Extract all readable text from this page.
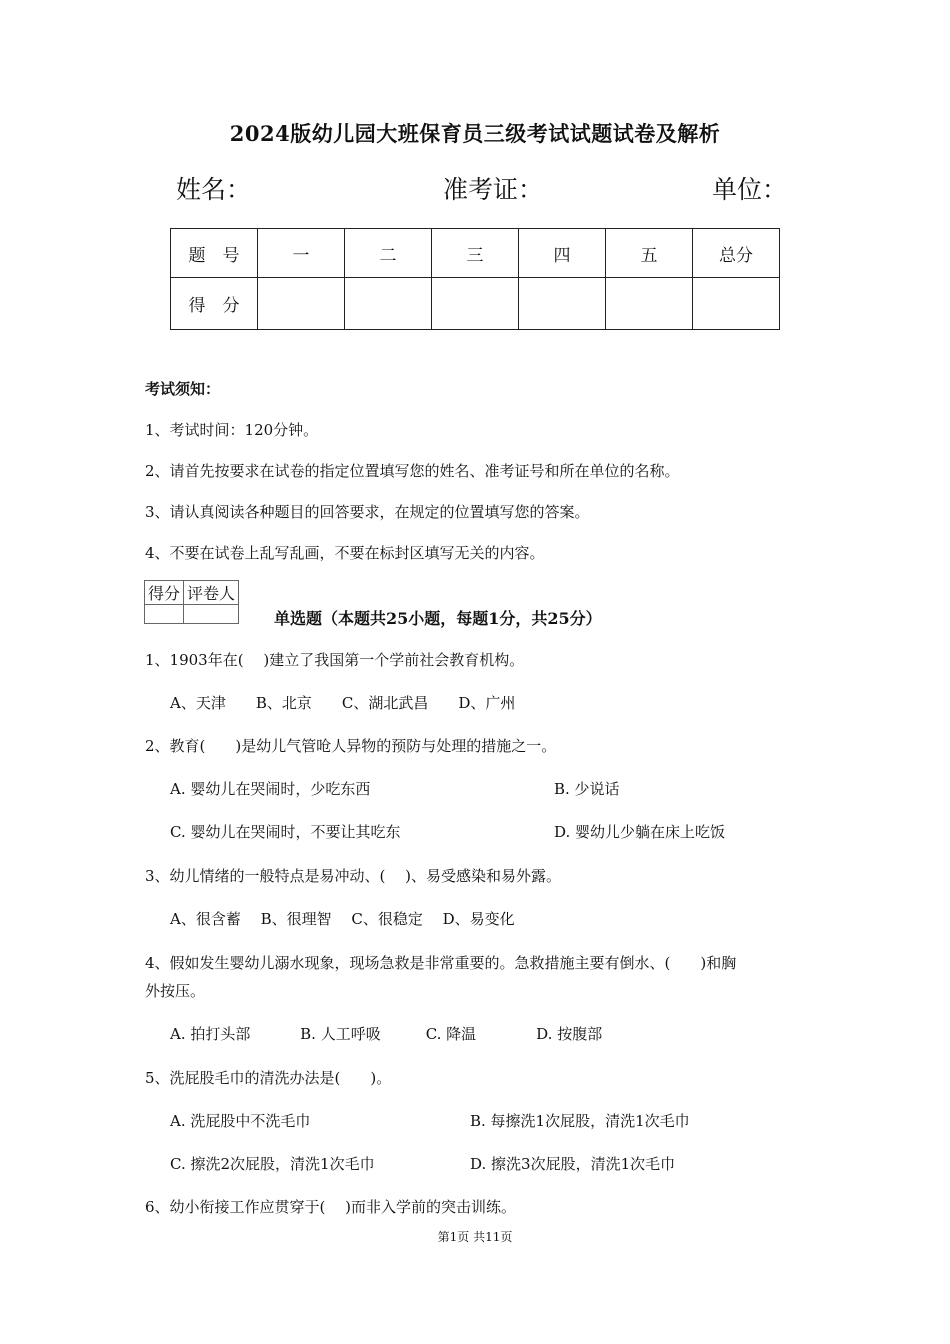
2024版幼儿园大班保育员三级考试试题试卷及解析
姓名：	准考证：	单位：
题　号	一	二	三	四	五	总分
得　分						
考试须知：
1、考试时间：120分钟。
2、请首先按要求在试卷的指定位置填写您的姓名、准考证号和所在单位的名称。
3、请认真阅读各种题目的回答要求，在规定的位置填写您的答案。
4、不要在试卷上乱写乱画，不要在标封区填写无关的内容。
得分	评卷人

单选题（本题共25小题，每题1分，共25分）
1、1903年在(　 )建立了我国第一个学前社会教育机构。
A、天津　　B、北京　　C、湖北武昌　　D、广州
2、教育(　　)是幼儿气管呛人异物的预防与处理的措施之一。
A. 婴幼儿在哭闹时，少吃东西	B. 少说话
C. 婴幼儿在哭闹时，不要让其吃东	D. 婴幼儿少躺在床上吃饭
3、幼儿情绪的一般特点是易冲动、(　 )、易受感染和易外露。
A、很含蓄　 B、很理智　 C、很稳定　 D、易变化
4、假如发生婴幼儿溺水现象，现场急救是非常重要的。急救措施主要有倒水、(　　)和胸
外按压。
A. 拍打头部　　　 B. 人工呼吸　　　C. 降温　　　　D. 按腹部
5、洗屁股毛巾的清洗办法是(　　)。
A. 洗屁股中不洗毛巾	B. 每擦洗1次屁股，清洗1次毛巾
C. 擦洗2次屁股，清洗1次毛巾	D. 擦洗3次屁股，清洗1次毛巾
6、幼小衔接工作应贯穿于(　 )而非入学前的突击训练。
第1页 共11页
